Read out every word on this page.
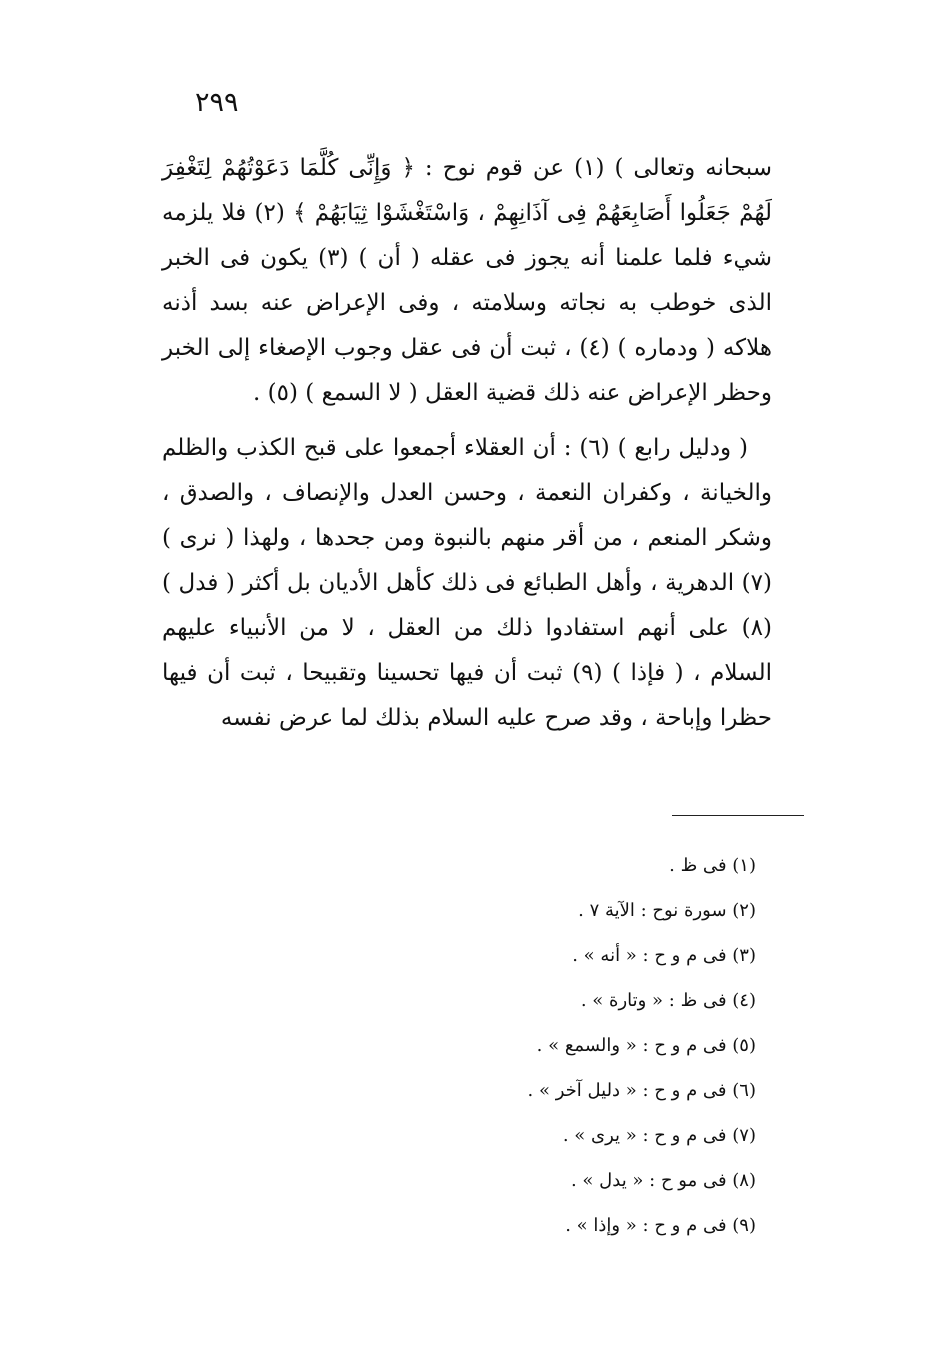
٢٩٩

سبحانه وتعالى ) (١) عن قوم نوح : ﴿ وَإِنِّى كُلَّمَا دَعَوْتُهُمْ لِتَغْفِرَ لَهُمْ جَعَلُوا أَصَابِعَهُمْ فِى آذَانِهِمْ ، وَاسْتَغْشَوْا ثِيَابَهُمْ ﴾ (٢) فلا يلزمه شيء فلما علمنا أنه يجوز فى عقله ( أن ) (٣) يكون فى الخبر الذى خوطب به نجاته وسلامته ، وفى الإعراض عنه بسد أذنه هلاكه ( ودماره ) (٤) ، ثبت أن فى عقل وجوب الإصغاء إلى الخبر وحظر الإعراض عنه ذلك قضية العقل ( لا السمع ) (٥) .

( ودليل رابع ) (٦) : أن العقلاء أجمعوا على قبح الكذب والظلم والخيانة ، وكفران النعمة ، وحسن العدل والإنصاف ، والصدق ، وشكر المنعم ، من أقر منهم بالنبوة ومن جحدها ، ولهذا ( نرى ) (٧) الدهرية ، وأهل الطبائع فى ذلك كأهل الأديان بل أكثر ( فدل ) (٨) على أنهم استفادوا ذلك من العقل ، لا من الأنبياء عليهم السلام ، ( فإذا ) (٩) ثبت أن فيها تحسينا وتقبيحا ، ثبت أن فيها حظرا وإباحة ، وقد صرح عليه السلام بذلك لما عرض نفسه

(١) فى ظ .

(٢) سورة نوح : الآية ٧ .

(٣) فى م و ح : « أنه » .

(٤) فى ظ : « وتارة » .

(٥) فى م و ح : « والسمع » .

(٦) فى م و ح : « دليل آخر » .

(٧) فى م و ح : « يرى » .

(٨) فى مو ح : « يدل » .

(٩) فى م و ح : « وإذا » .
